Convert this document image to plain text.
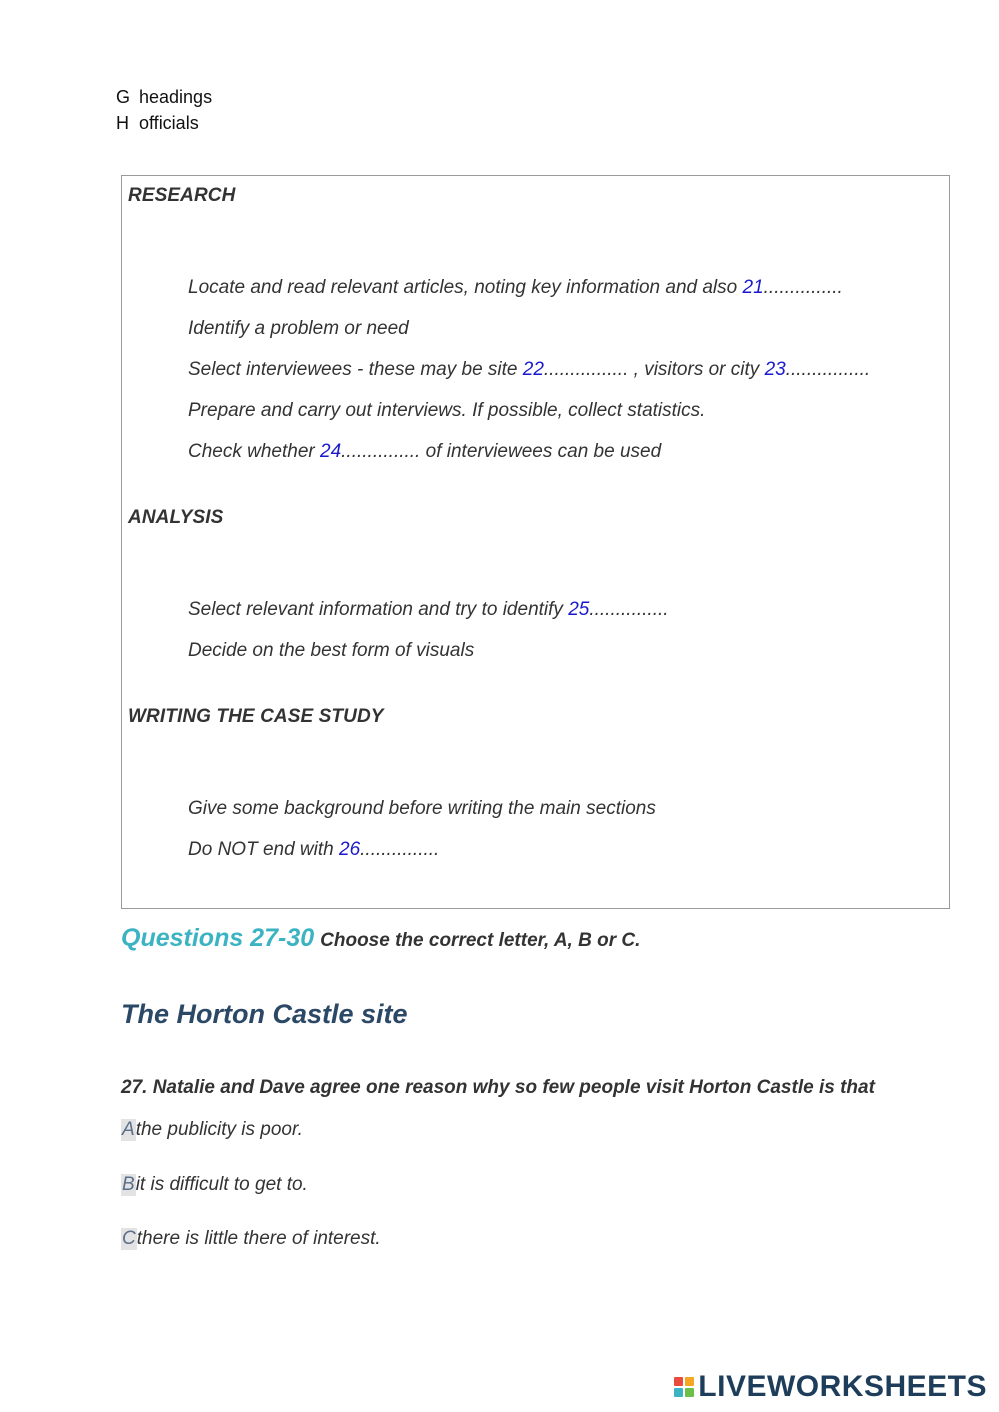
G headings
H officials
RESEARCH
Locate and read relevant articles, noting key information and also 21...............
Identify a problem or need
Select interviewees - these may be site 22................ , visitors or city 23................
Prepare and carry out interviews. If possible, collect statistics.
Check whether 24............... of interviewees can be used
ANALYSIS
Select relevant information and try to identify 25...............
Decide on the best form of visuals
WRITING THE CASE STUDY
Give some background before writing the main sections
Do NOT end with 26...............
Questions 27-30 Choose the correct letter, A, B or C.
The Horton Castle site
27. Natalie and Dave agree one reason why so few people visit Horton Castle is that
Athe publicity is poor.
Bit is difficult to get to.
Cthere is little there of interest.
LIVEWORKSHEETS
